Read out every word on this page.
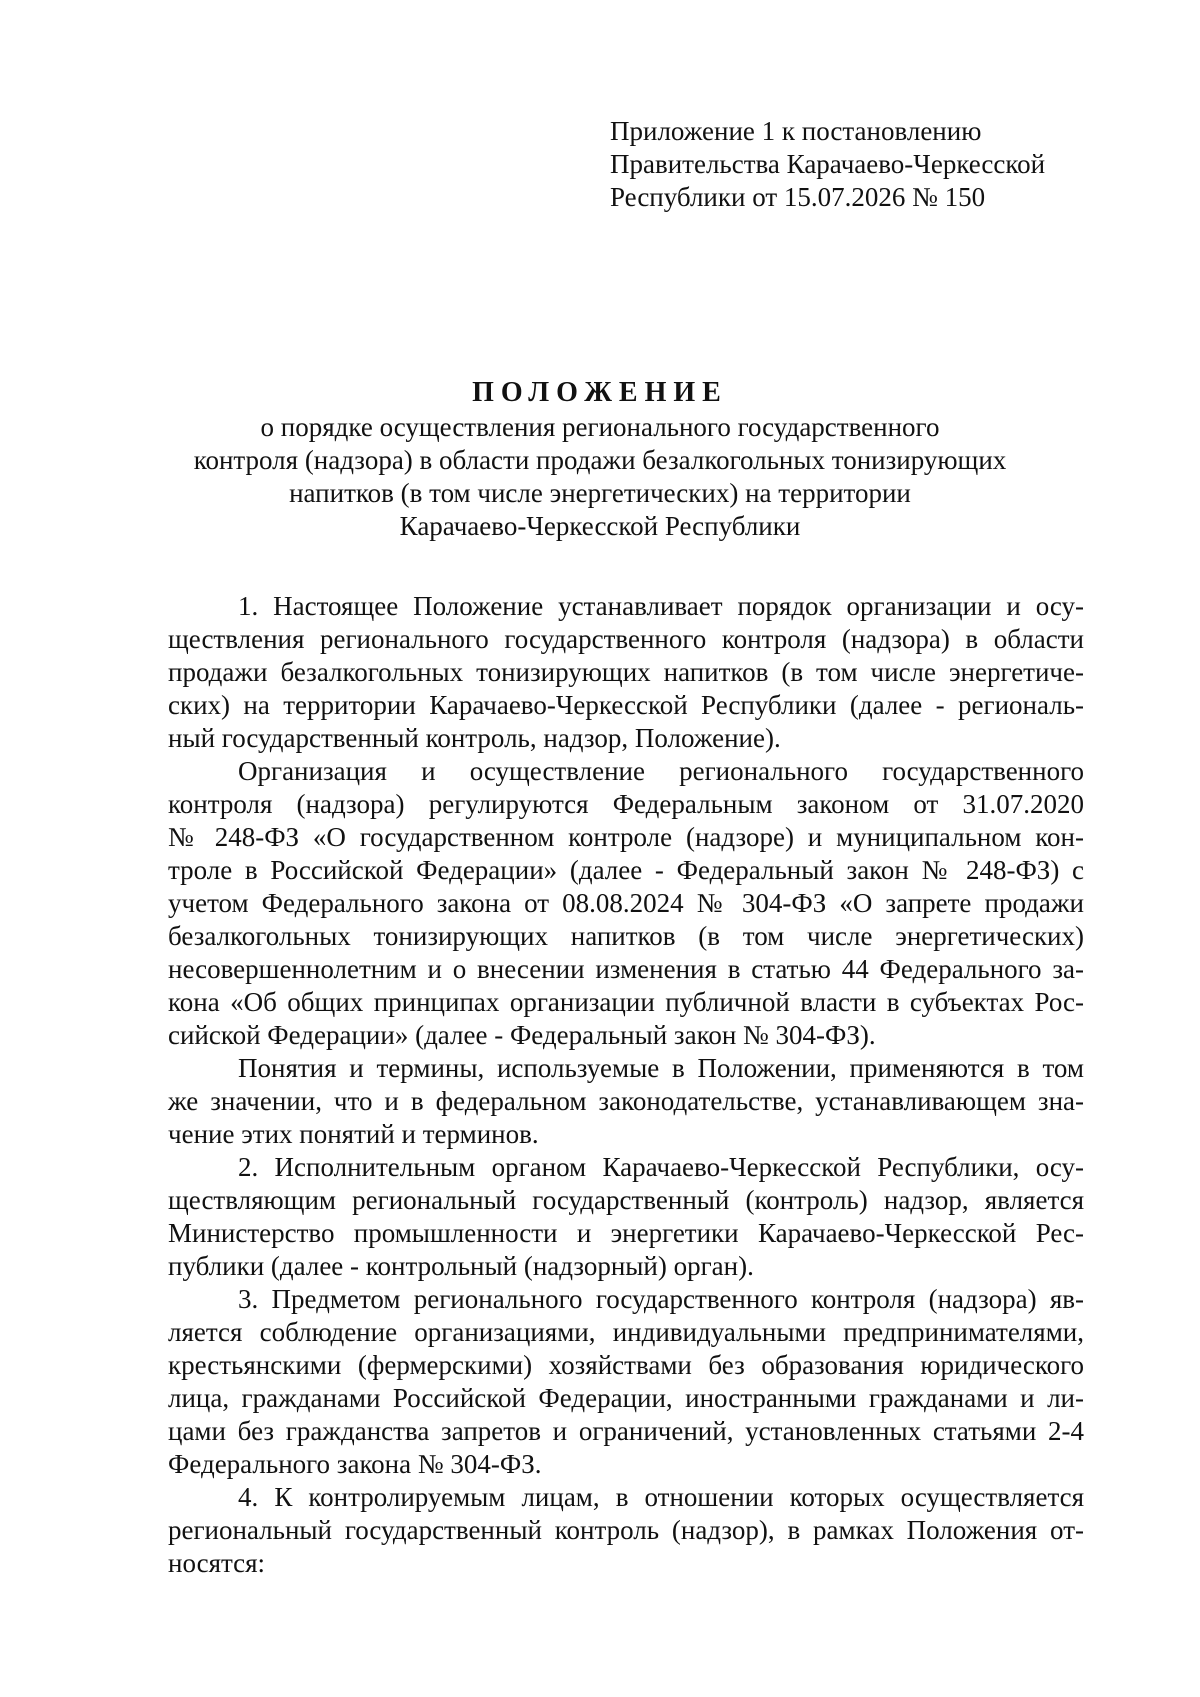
Приложение 1 к постановлению
Правительства Карачаево-Черкесской
Республики от 15.07.2026 № 150
ПОЛОЖЕНИЕ
о порядке осуществления регионального государственного
контроля (надзора) в области продажи безалкогольных тонизирующих
напитков (в том числе энергетических) на территории
Карачаево-Черкесской Республики
1. Настоящее Положение устанавливает порядок организации и осу-
ществления регионального государственного контроля (надзора) в области
продажи безалкогольных тонизирующих напитков (в том числе энергетиче-
ских) на территории Карачаево-Черкесской Республики (далее - региональ-
ный государственный контроль, надзор, Положение).
Организация и осуществление регионального государственного
контроля (надзора) регулируются Федеральным законом от 31.07.2020
№ 248-ФЗ «О государственном контроле (надзоре) и муниципальном кон-
троле в Российской Федерации» (далее - Федеральный закон № 248-ФЗ) с
учетом Федерального закона от 08.08.2024 № 304-ФЗ «О запрете продажи
безалкогольных тонизирующих напитков (в том числе энергетических)
несовершеннолетним и о внесении изменения в статью 44 Федерального за-
кона «Об общих принципах организации публичной власти в субъектах Рос-
сийской Федерации» (далее - Федеральный закон № 304-ФЗ).
Понятия и термины, используемые в Положении, применяются в том
же значении, что и в федеральном законодательстве, устанавливающем зна-
чение этих понятий и терминов.
2. Исполнительным органом Карачаево-Черкесской Республики, осу-
ществляющим региональный государственный (контроль) надзор, является
Министерство промышленности и энергетики Карачаево-Черкесской Рес-
публики (далее - контрольный (надзорный) орган).
3. Предметом регионального государственного контроля (надзора) яв-
ляется соблюдение организациями, индивидуальными предпринимателями,
крестьянскими (фермерскими) хозяйствами без образования юридического
лица, гражданами Российской Федерации, иностранными гражданами и ли-
цами без гражданства запретов и ограничений, установленных статьями 2-4
Федерального закона № 304-ФЗ.
4. К контролируемым лицам, в отношении которых осуществляется
региональный государственный контроль (надзор), в рамках Положения от-
носятся:
